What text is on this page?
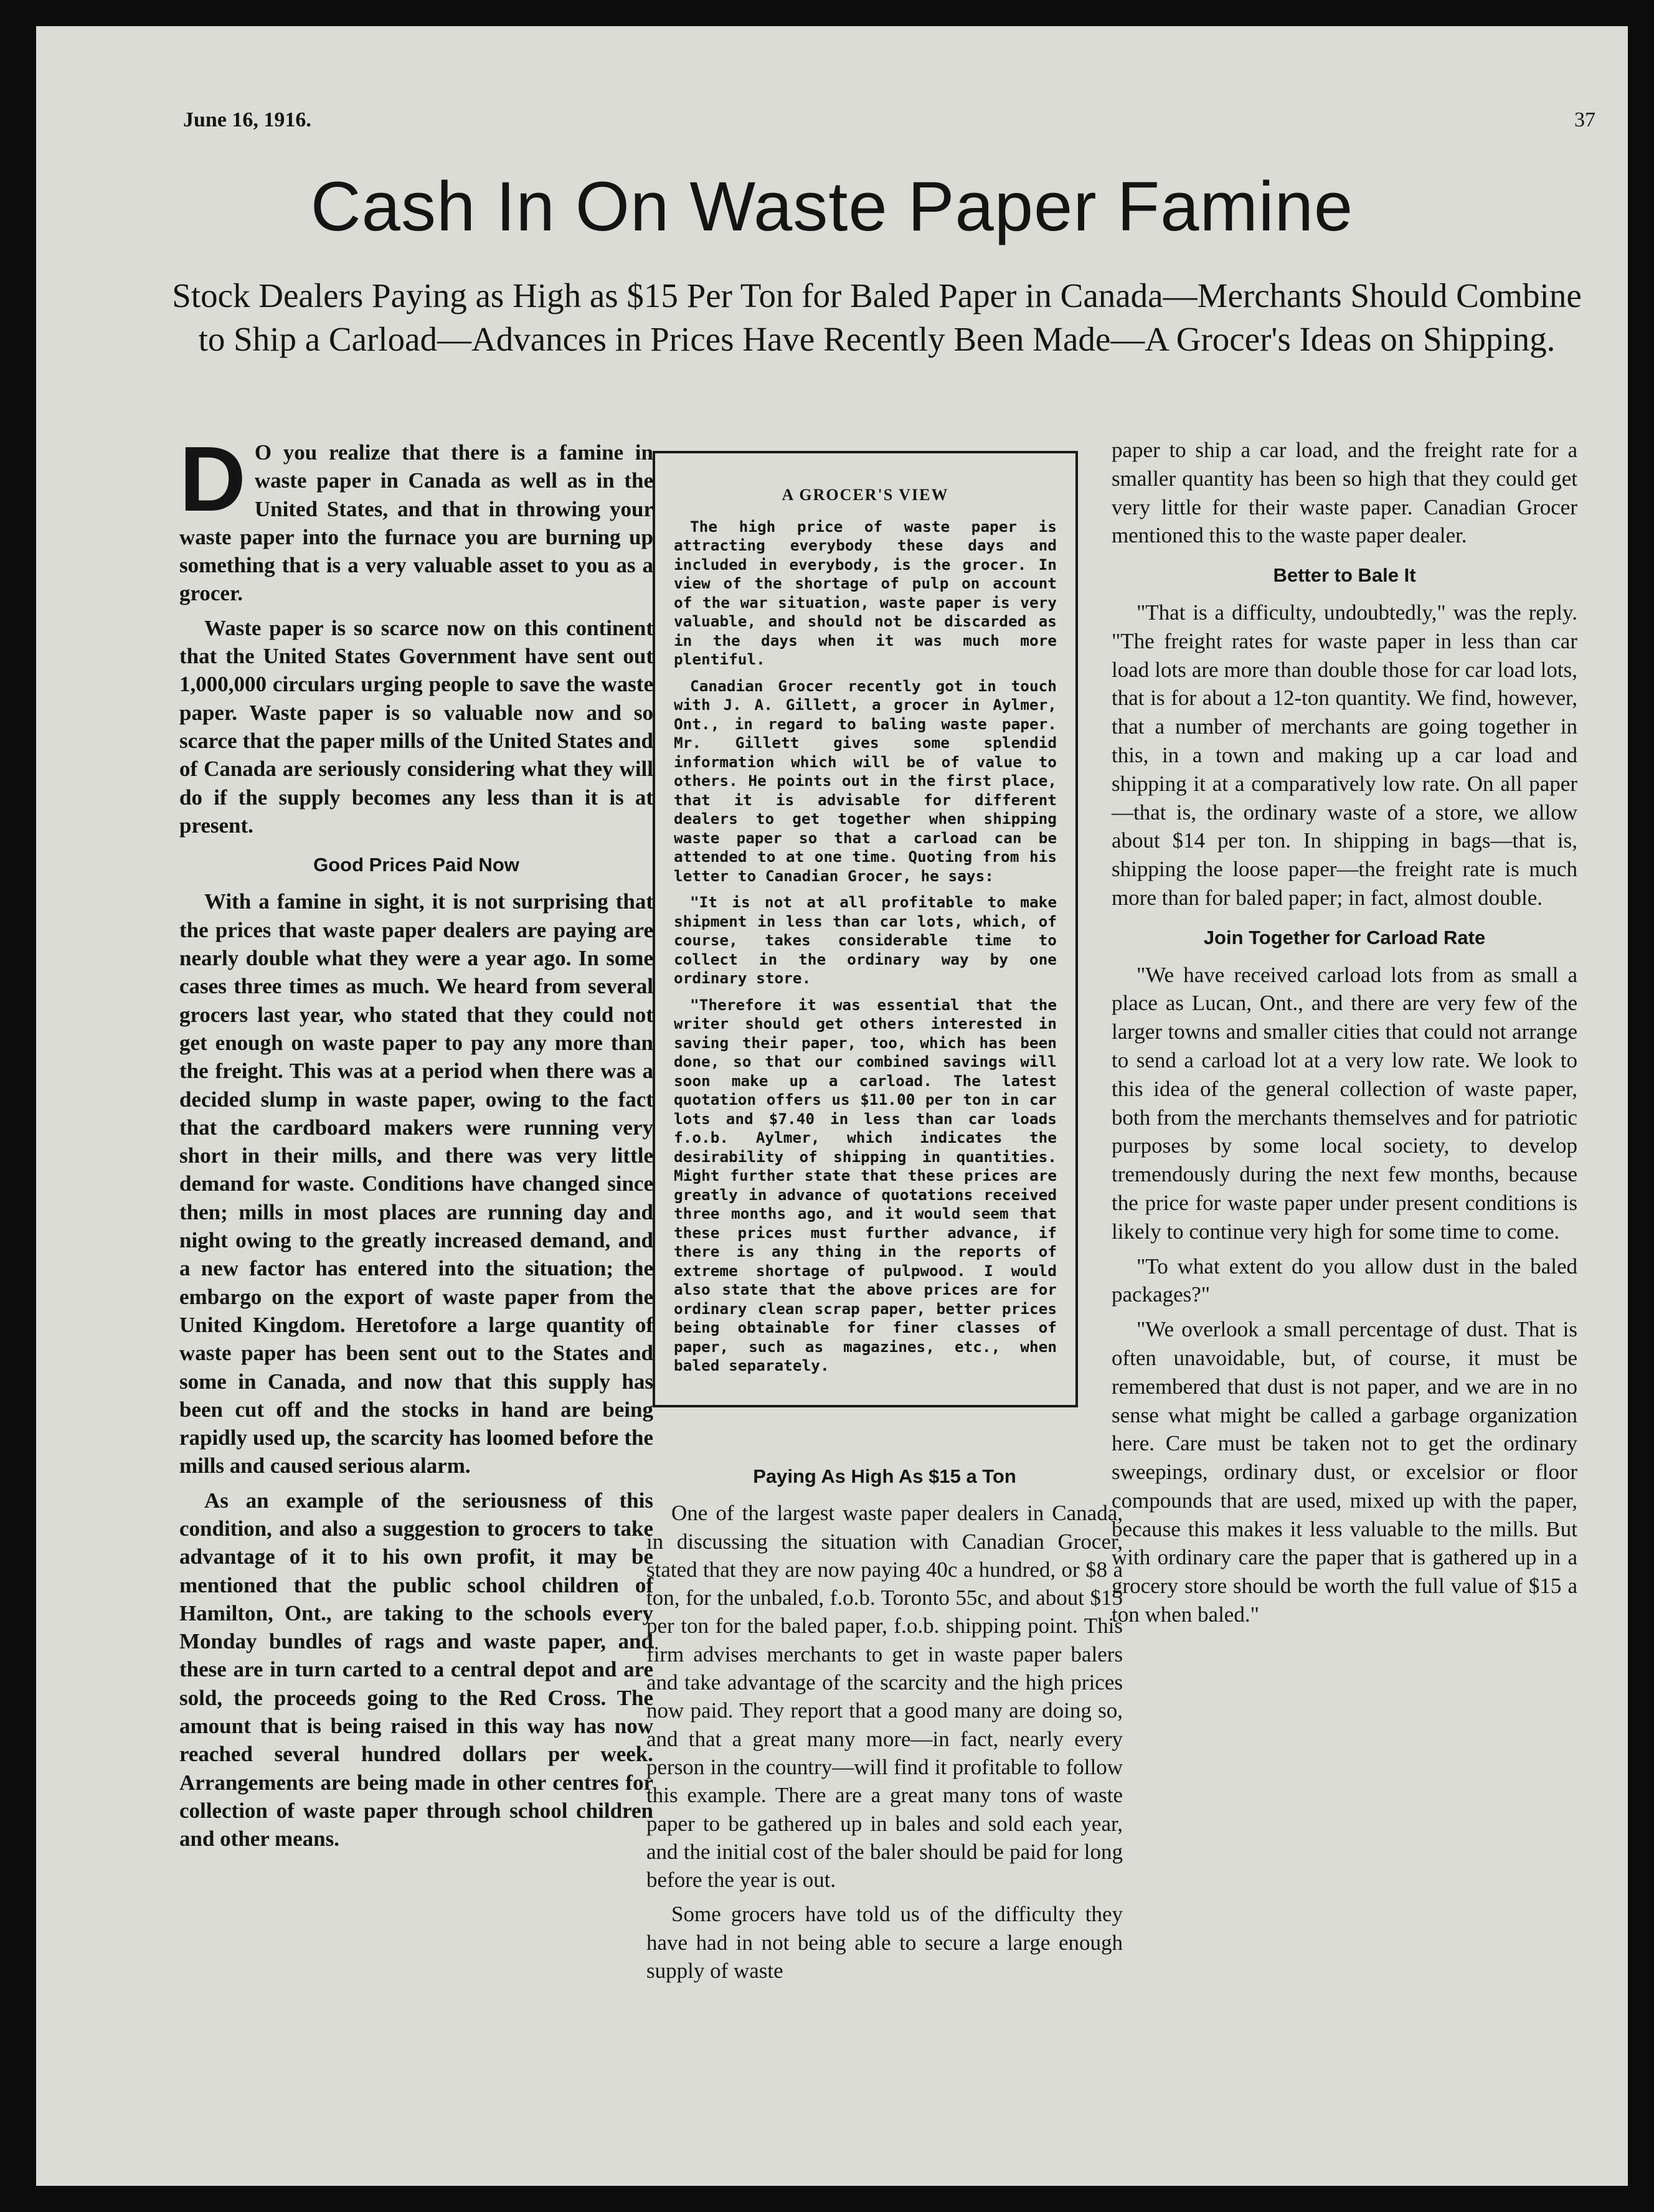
June 16, 1916.	37
Cash In On Waste Paper Famine
Stock Dealers Paying as High as $15 Per Ton for Baled Paper in Canada—Merchants Should Combine to Ship a Carload—Advances in Prices Have Recently Been Made—A Grocer's Ideas on Shipping.

D O you realize that there is a famine in waste paper in Canada as well as in the United States, and that in throwing your waste paper into the furnace you are burning up something that is a very valuable asset to you as a grocer.

Waste paper is so scarce now on this continent that the United States Government have sent out 1,000,000 circulars urging people to save the waste paper. Waste paper is so valuable now and so scarce that the paper mills of the United States and of Canada are seriously considering what they will do if the supply becomes any less than it is at present.

Good Prices Paid Now

With a famine in sight, it is not surprising that the prices that waste paper dealers are paying are nearly double what they were a year ago. In some cases three times as much. We heard from several grocers last year, who stated that they could not get enough on waste paper to pay any more than the freight. This was at a period when there was a decided slump in waste paper, owing to the fact that the cardboard makers were running very short in their mills, and there was very little demand for waste. Conditions have changed since then; mills in most places are running day and night owing to the greatly increased demand, and a new factor has entered into the situation; the embargo on the export of waste paper from the United Kingdom. Heretofore a large quantity of waste paper has been sent out to the States and some in Canada, and now that this supply has been cut off and the stocks in hand are being rapidly used up, the scarcity has loomed before the mills and caused serious alarm.

As an example of the seriousness of this condition, and also a suggestion to grocers to take advantage of it to his own profit, it may be mentioned that the public school children of Hamilton, Ont., are taking to the schools every Monday bundles of rags and waste paper, and these are in turn carted to a central depot and are sold, the proceeds going to the Red Cross. The amount that is being raised in this way has now reached several hundred dollars per week. Arrangements are being made in other centres for collection of waste paper through school children and other means.

A GROCER'S VIEW

The high price of waste paper is attracting everybody these days and included in everybody, is the grocer. In view of the shortage of pulp on account of the war situation, waste paper is very valuable, and should not be discarded as in the days when it was much more plentiful.

Canadian Grocer recently got in touch with J. A. Gillett, a grocer in Aylmer, Ont., in regard to baling waste paper. Mr. Gillett gives some splendid information which will be of value to others. He points out in the first place, that it is advisable for different dealers to get together when shipping waste paper so that a carload can be attended to at one time. Quoting from his letter to Canadian Grocer, he says:

"It is not at all profitable to make shipment in less than car lots, which, of course, takes considerable time to collect in the ordinary way by one ordinary store.

"Therefore it was essential that the writer should get others interested in saving their paper, too, which has been done, so that our combined savings will soon make up a carload. The latest quotation offers us $11.00 per ton in car lots and $7.40 in less than car loads f.o.b. Aylmer, which indicates the desirability of shipping in quantities. Might further state that these prices are greatly in advance of quotations received three months ago, and it would seem that these prices must further advance, if there is any thing in the reports of extreme shortage of pulpwood. I would also state that the above prices are for ordinary clean scrap paper, better prices being obtainable for finer classes of paper, such as magazines, etc., when baled separately.

Paying As High As $15 a Ton

One of the largest waste paper dealers in Canada, in discussing the situation with Canadian Grocer, stated that they are now paying 40c a hundred, or $8 a ton, for the unbaled, f.o.b. Toronto 55c, and about $15 per ton for the baled paper, f.o.b. shipping point. This firm advises merchants to get in waste paper balers and take advantage of the scarcity and the high prices now paid. They report that a good many are doing so, and that a great many more—in fact, nearly every person in the country—will find it profitable to follow this example. There are a great many tons of waste paper to be gathered up in bales and sold each year, and the initial cost of the baler should be paid for long before the year is out.

Some grocers have told us of the difficulty they have had in not being able to secure a large enough supply of waste

paper to ship a car load, and the freight rate for a smaller quantity has been so high that they could get very little for their waste paper. Canadian Grocer mentioned this to the waste paper dealer.

Better to Bale It

"That is a difficulty, undoubtedly," was the reply. "The freight rates for waste paper in less than car load lots are more than double those for car load lots, that is for about a 12-ton quantity. We find, however, that a number of merchants are going together in this, in a town and making up a car load and shipping it at a comparatively low rate. On all paper—that is, the ordinary waste of a store, we allow about $14 per ton. In shipping in bags—that is, shipping the loose paper—the freight rate is much more than for baled paper; in fact, almost double.

Join Together for Carload Rate

"We have received carload lots from as small a place as Lucan, Ont., and there are very few of the larger towns and smaller cities that could not arrange to send a carload lot at a very low rate. We look to this idea of the general collection of waste paper, both from the merchants themselves and for patriotic purposes by some local society, to develop tremendously during the next few months, because the price for waste paper under present conditions is likely to continue very high for some time to come.

"To what extent do you allow dust in the baled packages?"

"We overlook a small percentage of dust. That is often unavoidable, but, of course, it must be remembered that dust is not paper, and we are in no sense what might be called a garbage organization here. Care must be taken not to get the ordinary sweepings, ordinary dust, or excelsior or floor compounds that are used, mixed up with the paper, because this makes it less valuable to the mills. But with ordinary care the paper that is gathered up in a grocery store should be worth the full value of $15 a ton when baled."
